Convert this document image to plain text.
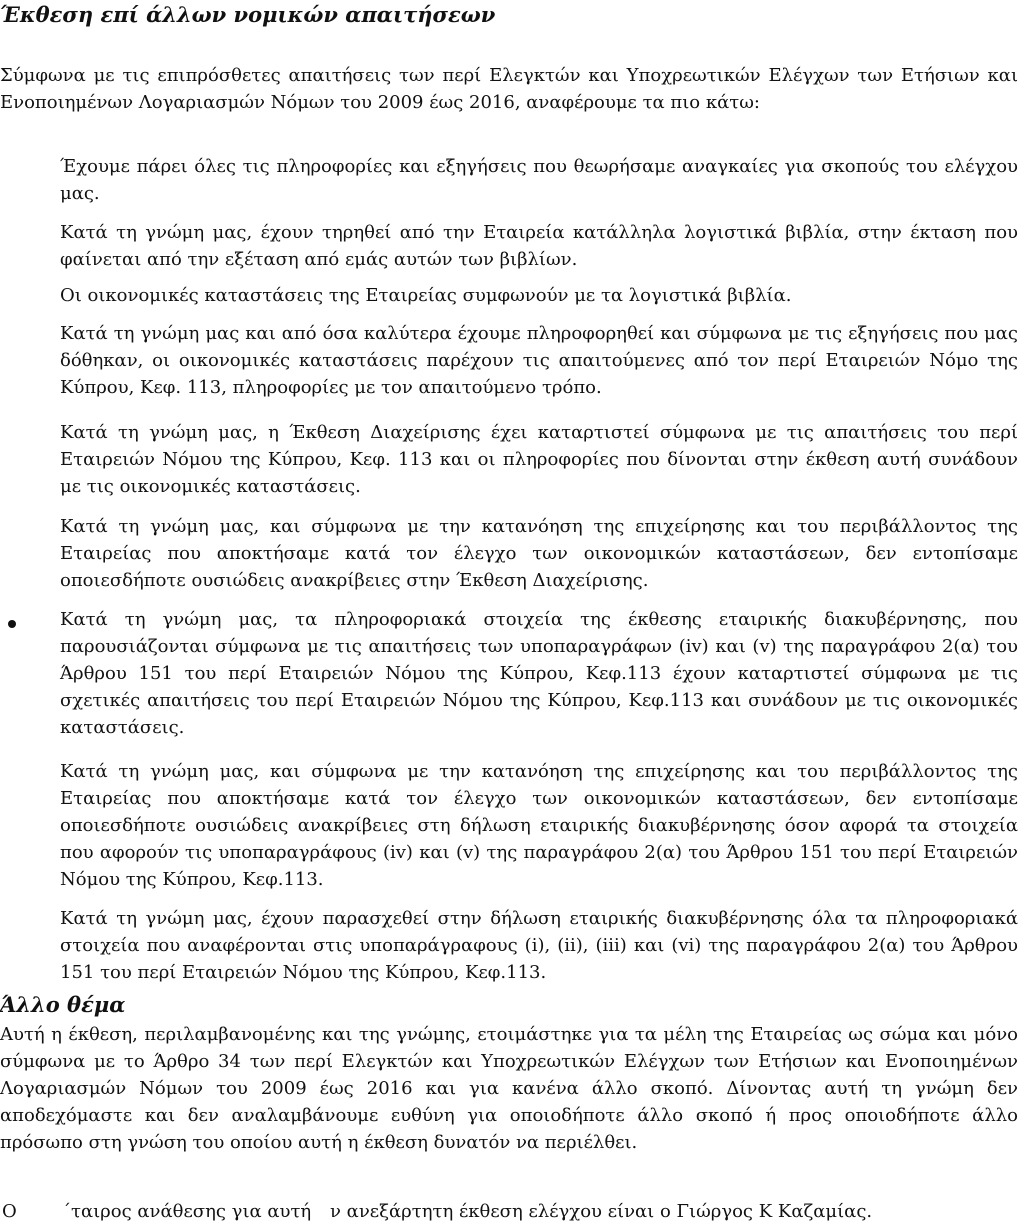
Έκθεση επί άλλων νομικών απαιτήσεων

Σύμφωνα με τις επιπρόσθετες απαιτήσεις των περί Ελεγκτών και Υποχρεωτικών Ελέγχων των Ετήσιων και Ενοποιημένων Λογαριασμών Νόμων του 2009 έως 2016, αναφέρουμε τα πιο κάτω:

Έχουμε πάρει όλες τις πληροφορίες και εξηγήσεις που θεωρήσαμε αναγκαίες για σκοπούς του ελέγχου μας.

Κατά τη γνώμη μας, έχουν τηρηθεί από την Εταιρεία κατάλληλα λογιστικά βιβλία, στην έκταση που φαίνεται από την εξέταση από εμάς αυτών των βιβλίων.

Οι οικονομικές καταστάσεις της Εταιρείας συμφωνούν με τα λογιστικά βιβλία.

Κατά τη γνώμη μας και από όσα καλύτερα έχουμε πληροφορηθεί και σύμφωνα με τις εξηγήσεις που μας δόθηκαν, οι οικονομικές καταστάσεις παρέχουν τις απαιτούμενες από τον περί Εταιρειών Νόμο της Κύπρου, Κεφ. 113, πληροφορίες με τον απαιτούμενο τρόπο.

Κατά τη γνώμη μας, η Έκθεση Διαχείρισης έχει καταρτιστεί σύμφωνα με τις απαιτήσεις του περί Εταιρειών Νόμου της Κύπρου, Κεφ. 113 και οι πληροφορίες που δίνονται στην έκθεση αυτή συνάδουν με τις οικονομικές καταστάσεις.

Κατά τη γνώμη μας, και σύμφωνα με την κατανόηση της επιχείρησης και του περιβάλλοντος της Εταιρείας που αποκτήσαμε κατά τον έλεγχο των οικονομικών καταστάσεων, δεν εντοπίσαμε οποιεσδήποτε ουσιώδεις ανακρίβειες στην Έκθεση Διαχείρισης.

Κατά τη γνώμη μας, τα πληροφοριακά στοιχεία της έκθεσης εταιρικής διακυβέρνησης, που παρουσιάζονται σύμφωνα με τις απαιτήσεις των υποπαραγράφων (iv) και (v) της παραγράφου 2(α) του Άρθρου 151 του περί Εταιρειών Νόμου της Κύπρου, Κεφ.113 έχουν καταρτιστεί σύμφωνα με τις σχετικές απαιτήσεις του περί Εταιρειών Νόμου της Κύπρου, Κεφ.113 και συνάδουν με τις οικονομικές καταστάσεις.

Κατά τη γνώμη μας, και σύμφωνα με την κατανόηση της επιχείρησης και του περιβάλλοντος της Εταιρείας που αποκτήσαμε κατά τον έλεγχο των οικονομικών καταστάσεων, δεν εντοπίσαμε οποιεσδήποτε ουσιώδεις ανακρίβειες στη δήλωση εταιρικής διακυβέρνησης όσον αφορά τα στοιχεία που αφορούν τις υποπαραγράφους (iv) και (v) της παραγράφου 2(α) του Άρθρου 151 του περί Εταιρειών Νόμου της Κύπρου, Κεφ.113.

Κατά τη γνώμη μας, έχουν παρασχεθεί στην δήλωση εταιρικής διακυβέρνησης όλα τα πληροφοριακά στοιχεία που αναφέρονται στις υποπαράγραφους (i), (ii), (iii) και (vi) της παραγράφου 2(α) του Άρθρου 151 του περί Εταιρειών Νόμου της Κύπρου, Κεφ.113.

Άλλο θέμα

Αυτή η έκθεση, περιλαμβανομένης και της γνώμης, ετοιμάστηκε για τα μέλη της Εταιρείας ως σώμα και μόνο σύμφωνα με το Άρθρο 34 των περί Ελεγκτών και Υποχρεωτικών Ελέγχων των Ετήσιων και Ενοποιημένων Λογαριασμών Νόμων του 2009 έως 2016 και για κανένα άλλο σκοπό. Δίνοντας αυτή τη γνώμη δεν αποδεχόμαστε και δεν αναλαμβάνουμε ευθύνη για οποιοδήποτε άλλο σκοπό ή προς οποιοδήποτε άλλο πρόσωπο στη γνώση του οποίου αυτή η έκθεση δυνατόν να περιέλθει.

Ο	΄ταιρος ανάθεσης για αυτή ν ανεξάρτητη έκθεση ελέγχου είναι ο Γιώργος Κ Καζαμίας.
